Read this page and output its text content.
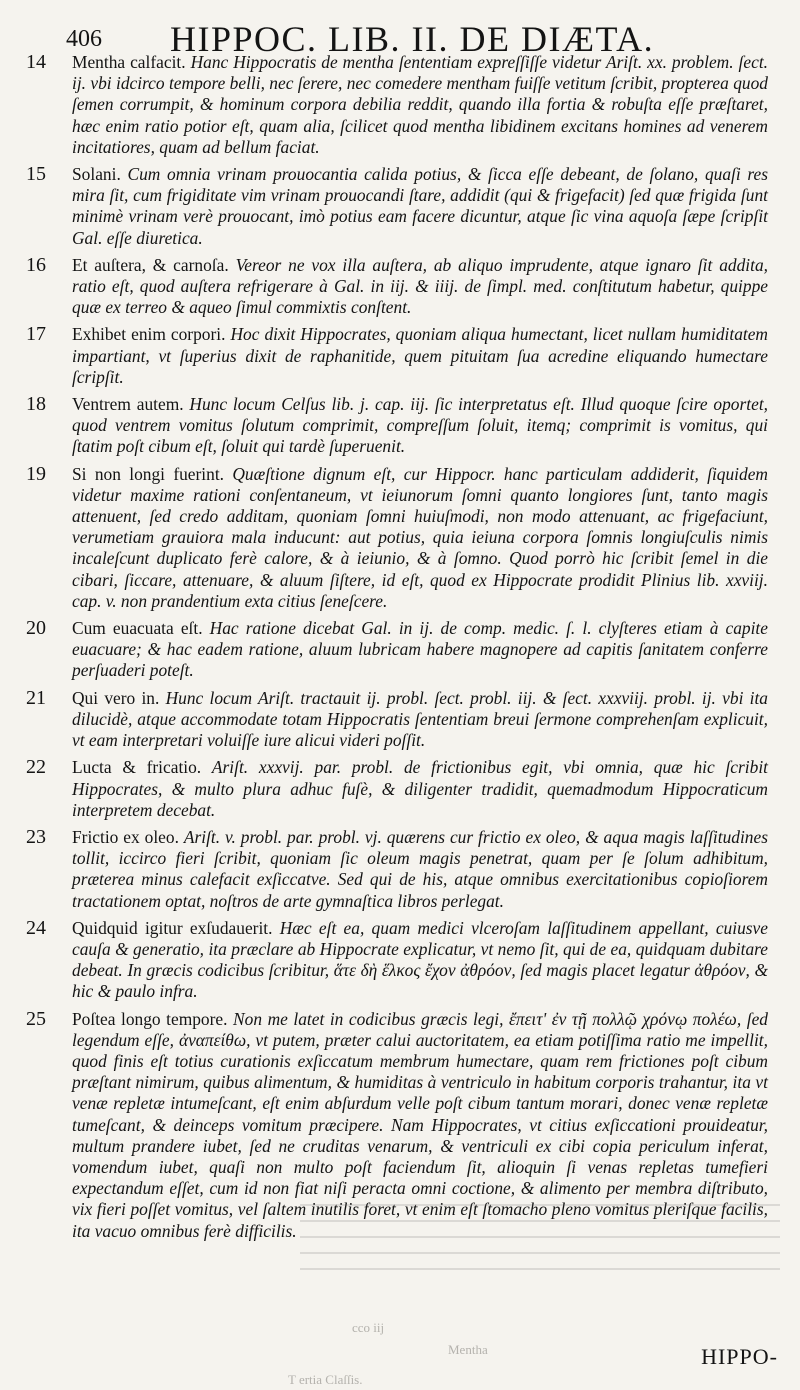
406 HIPPOC. LIB. II. DE DIÆTA.
14 Mentha calfacit. Hanc Hippocratis de mentha ſententiam expreſſiſſe videtur Ariſt. xx. problem. ſect. ij. vbi idcirco tempore belli, nec ſerere, nec comedere mentham fuiſſe vetitum ſcribit, propterea quod ſemen corrumpit, & hominum corpora debilia reddit, quando illa fortia & robuſta eſſe præſtaret, hæc enim ratio potior eſt, quam alia, ſcilicet quod mentha libidinem excitans homines ad venerem incitatiores, quam ad bellum faciat.
15 Solani. Cum omnia vrinam prouocantia calida potius, & ſicca eſſe debeant, de ſolano, quaſi res mira ſit, cum frigiditate vim vrinam prouocandi ſtare, addidit (qui & frigefacit) ſed quæ frigida ſunt minimè vrinam verè prouocant, imò potius eam facere dicuntur, atque ſic vina aquoſa ſæpe ſcripſit Gal. eſſe diuretica.
16 Et auſtera, & carnoſa. Vereor ne vox illa auſtera, ab aliquo imprudente, atque ignaro ſit addita, ratio eſt, quod auſtera refrigerare à Gal. in iij. & iiij. de ſimpl. med. conſtitutum habetur, quippe quæ ex terreo & aqueo ſimul commixtis conſtent.
17 Exhibet enim corpori. Hoc dixit Hippocrates, quoniam aliqua humectant, licet nullam humiditatem impartiant, vt ſuperius dixit de raphanitide, quem pituitam ſua acredine eliquando humectare ſcripſit.
18 Ventrem autem. Hunc locum Celſus lib. j. cap. iij. ſic interpretatus eſt. Illud quoque ſcire oportet, quod ventrem vomitus ſolutum comprimit, compreſſum ſoluit, itemq; comprimit is vomitus, qui ſtatim poſt cibum eſt, ſoluit qui tardè ſuperuenit.
19 Si non longi fuerint. Quæſtione dignum eſt, cur Hippocr. hanc particulam addiderit, ſiquidem videtur maxime rationi conſentaneum, vt ieiunorum ſomni quanto longiores ſunt, tanto magis attenuent, ſed credo additam, quoniam ſomni huiuſmodi, non modo attenuant, ac frigefaciunt, verumetiam grauiora mala inducunt: aut potius, quia ieiuna corpora ſomnis longiuſculis nimis incaleſcunt duplicato ferè calore, & à ieiunio, & à ſomno. Quod porrò hic ſcribit ſemel in die cibari, ſiccare, attenuare, & aluum ſiſtere, id eſt, quod ex Hippocrate prodidit Plinius lib. xxviij. cap. v. non prandentium exta citius ſeneſcere.
20 Cum euacuata eſt. Hac ratione dicebat Gal. in ij. de comp. medic. ſ. l. clyſteres etiam à capite euacuare; & hac eadem ratione, aluum lubricam habere magnopere ad capitis ſanitatem conferre perſuaderi poteſt.
21 Qui vero in. Hunc locum Ariſt. tractauit ij. probl. ſect. probl. iij. & ſect. xxxviij. probl. ij. vbi ita dilucidè, atque accommodate totam Hippocratis ſententiam breui ſermone comprehenſam explicuit, vt eam interpretari voluiſſe iure alicui videri poſſit.
22 Lucta & fricatio. Ariſt. xxxvij. par. probl. de frictionibus egit, vbi omnia, quæ hic ſcribit Hippocrates, & multo plura adhuc fuſè, & diligenter tradidit, quemadmodum Hippocraticum interpretem decebat.
23 Frictio ex oleo. Ariſt. v. probl. par. probl. vj. quærens cur frictio ex oleo, & aqua magis laſſitudines tollit, iccirco fieri ſcribit, quoniam ſic oleum magis penetrat, quam per ſe ſolum adhibitum, præterea minus calefacit exſiccatve. Sed qui de his, atque omnibus exercitationibus copioſiorem tractationem optat, noſtros de arte gymnaſtica libros perlegat.
24 Quidquid igitur exſudauerit. Hæc eſt ea, quam medici vlceroſam laſſitudinem appellant, cuiusve cauſa & generatio, ita præclare ab Hippocrate explicatur, vt nemo ſit, qui de ea, quidquam dubitare debeat. In græcis codicibus ſcribitur, ἅτε δὴ ἕλκος ἔχον ἀθρόον, ſed magis placet legatur ἀθρόον, & hic & paulo infra.
25 Poſtea longo tempore. Non me latet in codicibus græcis legi, ἔπειτ' ἐν τῇ πολλῷ χρόνῳ πολέω, ſed legendum eſſe, ἀναπείθω, vt putem, præter calui auctoritatem, ea etiam potiſſima ratio me impellit, quod finis eſt totius curationis exſiccatum membrum humectare, quam rem frictiones poſt cibum præſtant nimirum, quibus alimentum, & humiditas à ventriculo in habitum corporis trahantur, ita vt venæ repletæ intumeſcant, eſt enim abſurdum velle poſt cibum tantum morari, donec venæ repletæ tumeſcant, & deinceps vomitum præcipere. Nam Hippocrates, vt citius exſiccationi prouideatur, multum prandere iubet, ſed ne cruditas venarum, & ventriculi ex cibi copia periculum inferat, vomendum iubet, quaſi non multo poſt faciendum ſit, alioquin ſi venas repletas tumefieri expectandum eſſet, cum id non fiat niſi peracta omni coctione, & alimento per membra diſtributo, vix fieri poſſet vomitus, vel ſaltem inutilis foret, vt enim eſt ſtomacho pleno vomitus pleriſque facilis, ita vacuo omnibus ferè difficilis.
cco iij
Mentha
T ertia Claſſis.
HIPPO-
